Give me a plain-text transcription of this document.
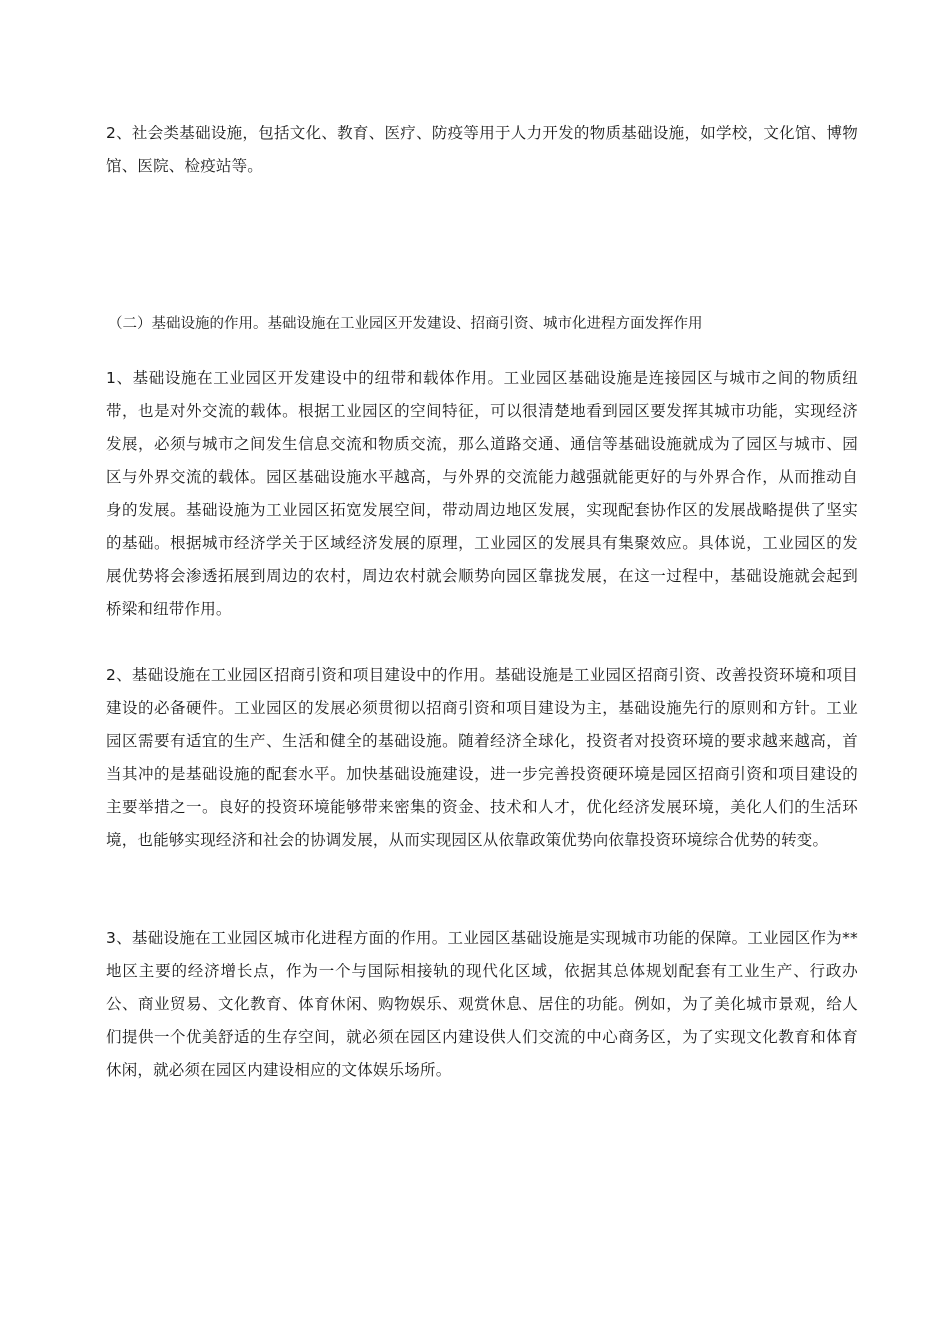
2、社会类基础设施，包括文化、教育、医疗、防疫等用于人力开发的物质基础设施，如学校，文化馆、博物馆、医院、检疫站等。

（二）基础设施的作用。基础设施在工业园区开发建设、招商引资、城市化进程方面发挥作用

1、基础设施在工业园区开发建设中的纽带和载体作用。工业园区基础设施是连接园区与城市之间的物质纽带，也是对外交流的载体。根据工业园区的空间特征，可以很清楚地看到园区要发挥其城市功能，实现经济发展，必须与城市之间发生信息交流和物质交流，那么道路交通、通信等基础设施就成为了园区与城市、园区与外界交流的载体。园区基础设施水平越高，与外界的交流能力越强就能更好的与外界合作，从而推动自身的发展。基础设施为工业园区拓宽发展空间，带动周边地区发展，实现配套协作区的发展战略提供了坚实的基础。根据城市经济学关于区域经济发展的原理，工业园区的发展具有集聚效应。具体说，工业园区的发展优势将会渗透拓展到周边的农村，周边农村就会顺势向园区靠拢发展，在这一过程中，基础设施就会起到桥梁和纽带作用。

2、基础设施在工业园区招商引资和项目建设中的作用。基础设施是工业园区招商引资、改善投资环境和项目建设的必备硬件。工业园区的发展必须贯彻以招商引资和项目建设为主，基础设施先行的原则和方针。工业园区需要有适宜的生产、生活和健全的基础设施。随着经济全球化，投资者对投资环境的要求越来越高，首当其冲的是基础设施的配套水平。加快基础设施建设，进一步完善投资硬环境是园区招商引资和项目建设的主要举措之一。良好的投资环境能够带来密集的资金、技术和人才，优化经济发展环境，美化人们的生活环境，也能够实现经济和社会的协调发展，从而实现园区从依靠政策优势向依靠投资环境综合优势的转变。

3、基础设施在工业园区城市化进程方面的作用。工业园区基础设施是实现城市功能的保障。工业园区作为**地区主要的经济增长点，作为一个与国际相接轨的现代化区域，依据其总体规划配套有工业生产、行政办公、商业贸易、文化教育、体育休闲、购物娱乐、观赏休息、居住的功能。例如，为了美化城市景观，给人们提供一个优美舒适的生存空间，就必须在园区内建设供人们交流的中心商务区，为了实现文化教育和体育休闲，就必须在园区内建设相应的文体娱乐场所。
